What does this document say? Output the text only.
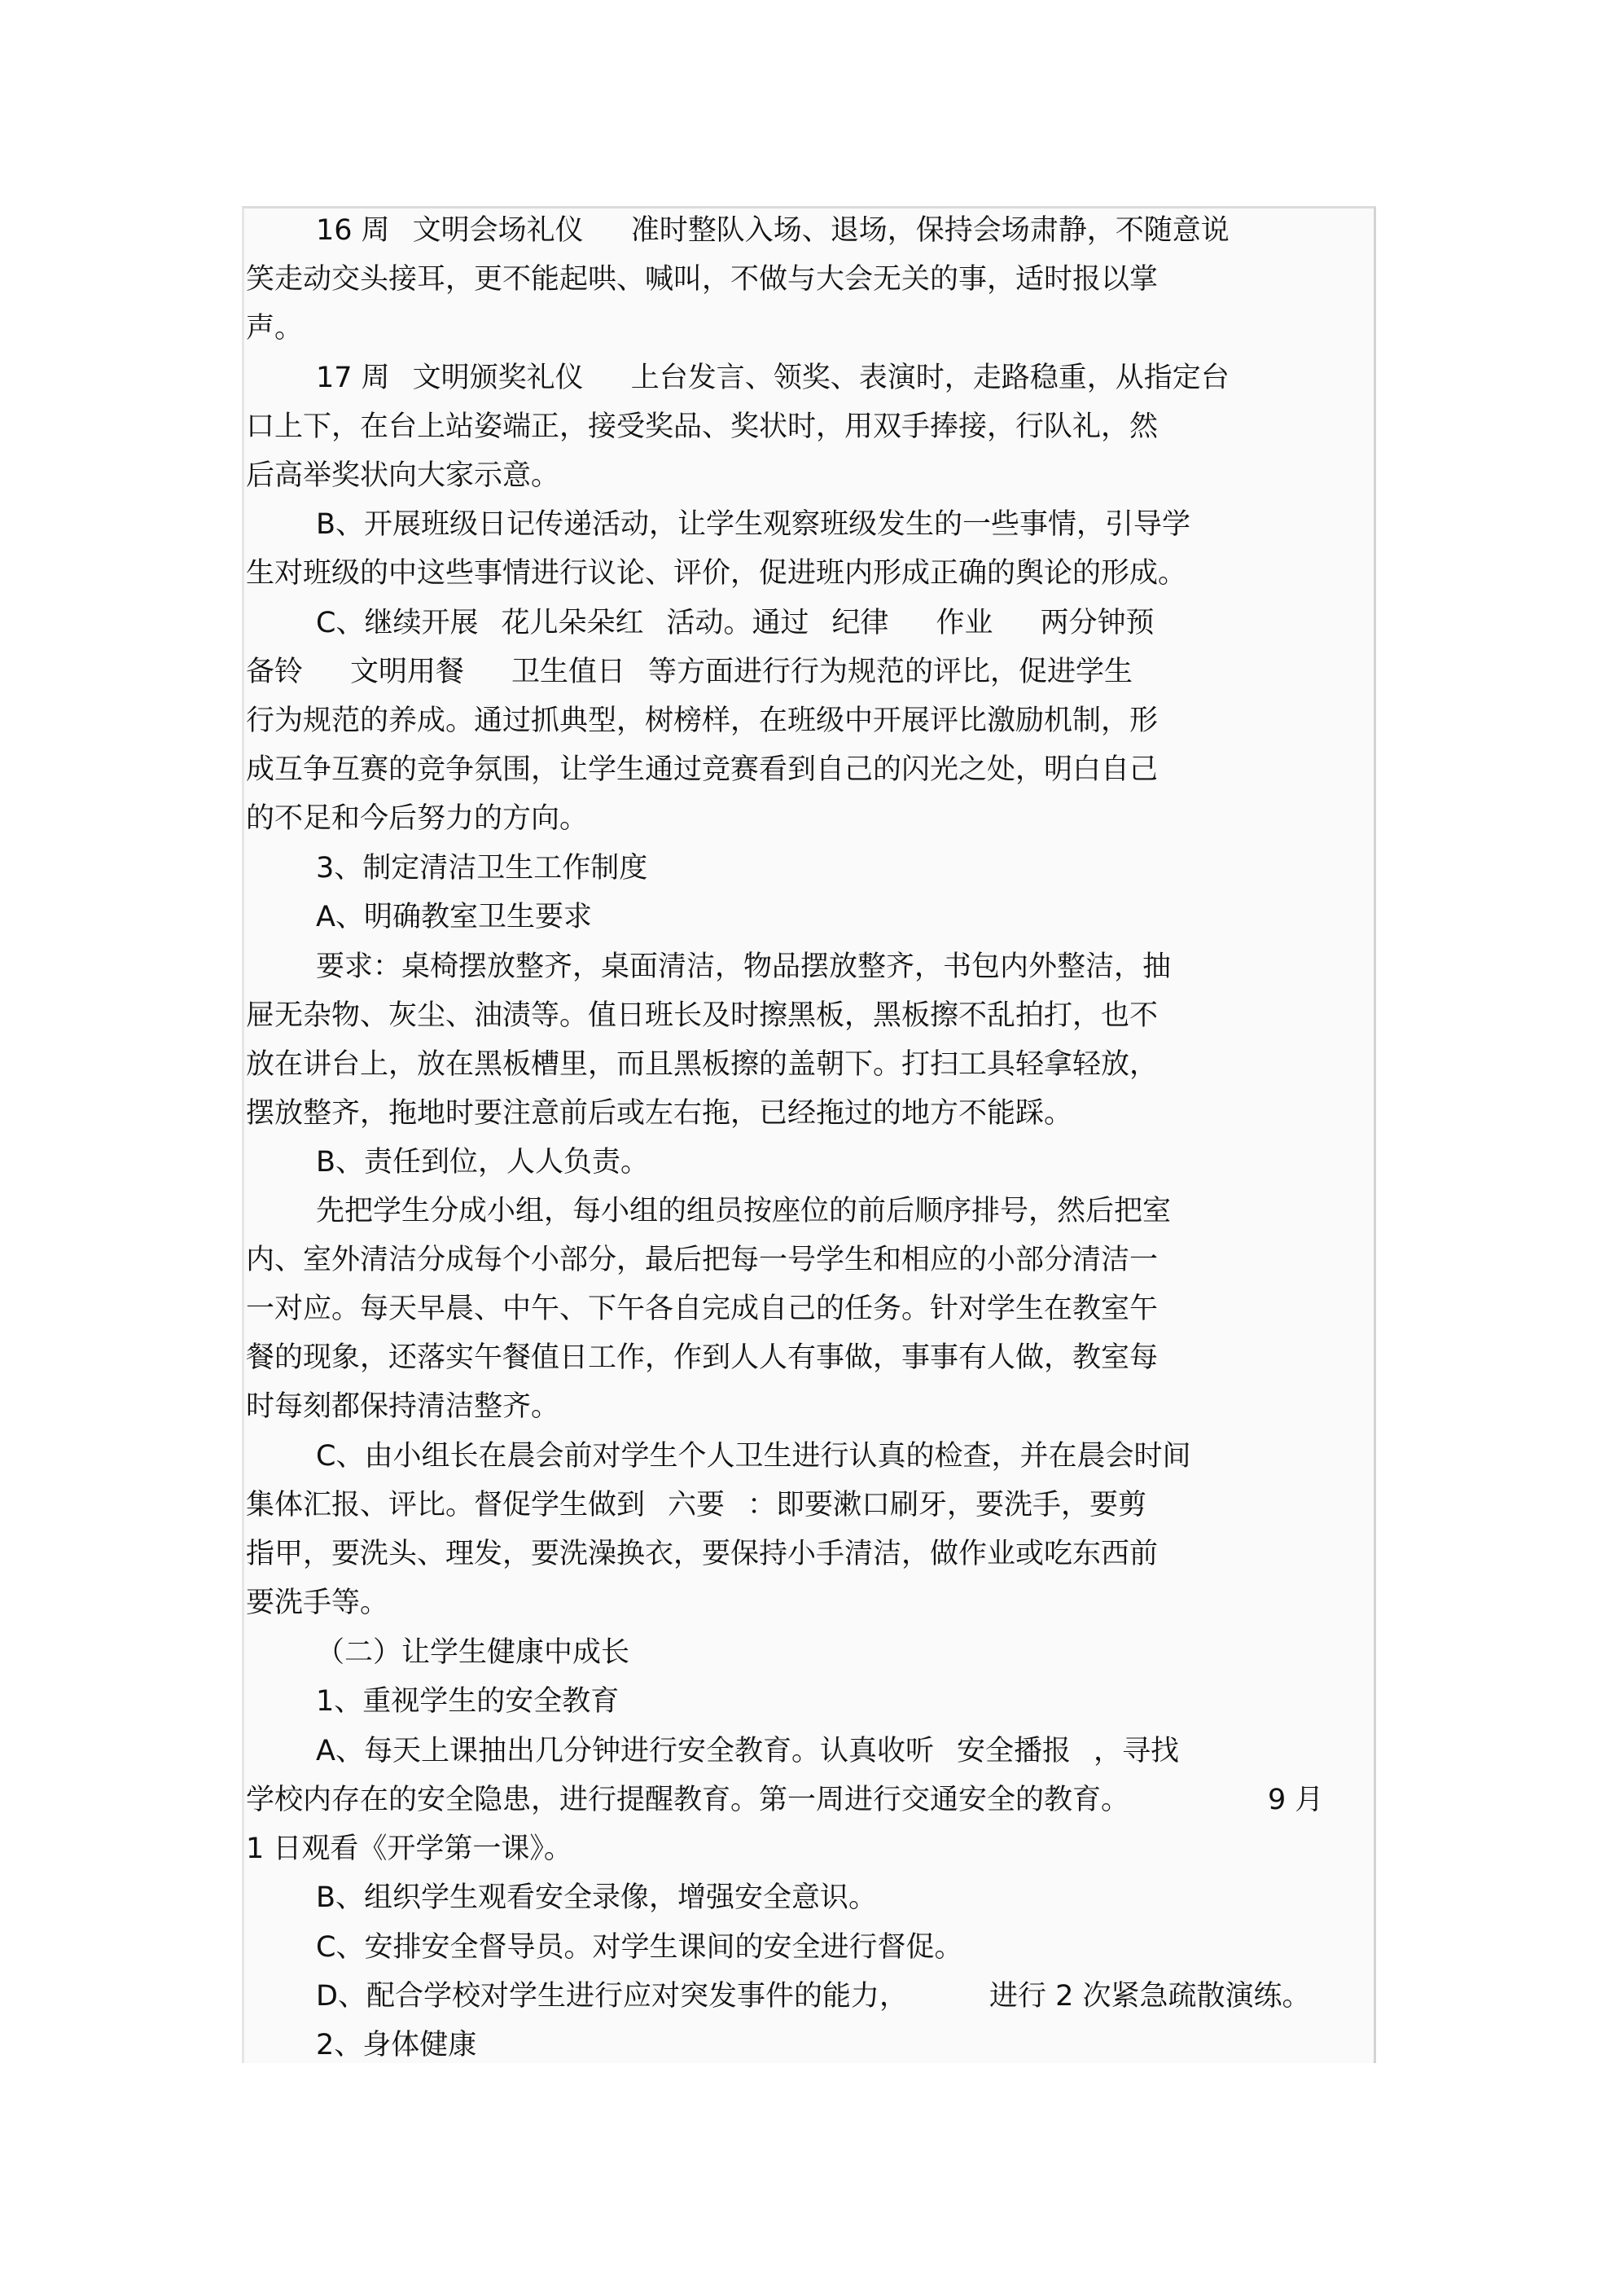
16 周 文明会场礼仪 准时整队入场、退场，保持会场肃静，不随意说
笑走动交头接耳，更不能起哄、喊叫，不做与大会无关的事，适时报以掌
声。
17 周 文明颁奖礼仪 上台发言、领奖、表演时，走路稳重，从指定台
口上下，在台上站姿端正，接受奖品、奖状时，用双手捧接，行队礼，然
后高举奖状向大家示意。
B、开展班级日记传递活动，让学生观察班级发生的一些事情，引导学
生对班级的中这些事情进行议论、评价，促进班内形成正确的舆论的形成。
C、继续开展 花儿朵朵红 活动。通过 纪律 作业 两分钟预
备铃 文明用餐 卫生值日 等方面进行行为规范的评比，促进学生
行为规范的养成。通过抓典型，树榜样，在班级中开展评比激励机制，形
成互争互赛的竞争氛围，让学生通过竞赛看到自己的闪光之处，明白自己
的不足和今后努力的方向。
3、制定清洁卫生工作制度
A、明确教室卫生要求
要求：桌椅摆放整齐，桌面清洁，物品摆放整齐，书包内外整洁，抽
屉无杂物、灰尘、油渍等。值日班长及时擦黑板，黑板擦不乱拍打，也不
放在讲台上，放在黑板槽里，而且黑板擦的盖朝下。打扫工具轻拿轻放，
摆放整齐，拖地时要注意前后或左右拖，已经拖过的地方不能踩。
B、责任到位，人人负责。
先把学生分成小组，每小组的组员按座位的前后顺序排号，然后把室
内、室外清洁分成每个小部分，最后把每一号学生和相应的小部分清洁一
一对应。每天早晨、中午、下午各自完成自己的任务。针对学生在教室午
餐的现象，还落实午餐值日工作，作到人人有事做，事事有人做，教室每
时每刻都保持清洁整齐。
C、由小组长在晨会前对学生个人卫生进行认真的检查，并在晨会时间
集体汇报、评比。督促学生做到 六要 ：即要漱口刷牙，要洗手，要剪
指甲，要洗头、理发，要洗澡换衣，要保持小手清洁，做作业或吃东西前
要洗手等。
（二）让学生健康中成长
1、重视学生的安全教育
A、每天上课抽出几分钟进行安全教育。认真收听 安全播报 ，寻找
学校内存在的安全隐患，进行提醒教育。第一周进行交通安全的教育。	9 月
1 日观看《开学第一课》。
B、组织学生观看安全录像，增强安全意识。
C、安排安全督导员。对学生课间的安全进行督促。
D、配合学校对学生进行应对突发事件的能力，	进行 2 次紧急疏散演练。
2、身体健康
